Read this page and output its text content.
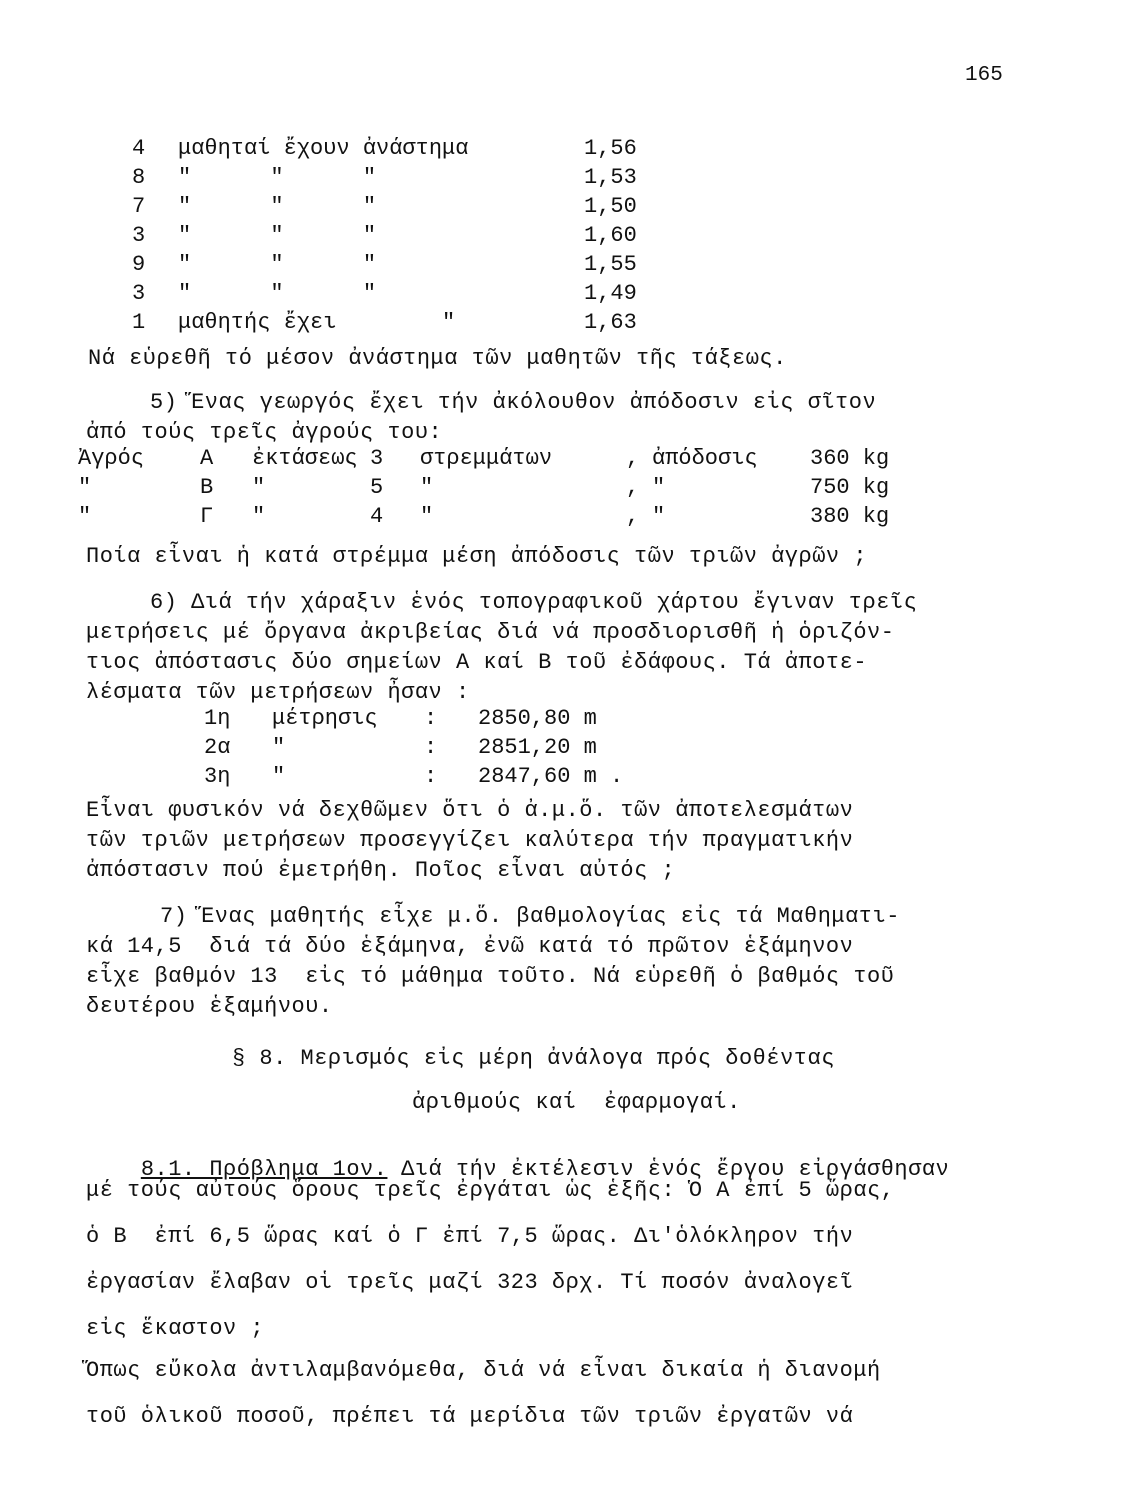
165
4 μαθηταί ἔχουν ἀνάστημα	1,56
8 "      "      "	1,53
7 "      "      "	1,50
3 "      "      "	1,60
9 "      "      "	1,55
3 "      "      "	1,49
1 μαθητής ἔχει        "	1,63
Νά εὑρεθῆ τό μέσον ἀνάστημα τῶν μαθητῶν τῆς τάξεως.
5) Ἕνας γεωργός ἔχει τήν ἀκόλουθον ἀπόδοσιν εἰς σῖτον
ἀπό τούς τρεῖς ἀγρούς του:
Ἀγρός	Α ἐκτάσεως 3 στρεμμάτων	, ἀπόδοσις 360 kg
"	Β "	5 "	, "	750 kg
"	Γ "	4 "	, "	380 kg
Ποία εἶναι ἡ κατά στρέμμα μέση ἀπόδοσις τῶν τριῶν ἀγρῶν ;
6) Διά τήν χάραξιν ἑνός τοπογραφικοῦ χάρτου ἔγιναν τρεῖς
μετρήσεις μέ ὄργανα ἀκριβείας διά νά προσδιορισθῆ ἡ ὁριζόν-
τιος ἀπόστασις δύο σημείων Α καί Β τοῦ ἐδάφους. Τά ἀποτε-
λέσματα τῶν μετρήσεων ἦσαν :
1η μέτρησις : 2850,80 m
2α "	: 2851,20 m
3η "	: 2847,60 m .
Εἶναι φυσικόν νά δεχθῶμεν ὅτι ὁ ἀ.μ.ὅ. τῶν ἀποτελεσμάτων
τῶν τριῶν μετρήσεων προσεγγίζει καλύτερα τήν πραγματικήν
ἀπόστασιν πού ἐμετρήθη. Ποῖος εἶναι αὐτός ;
7) Ἕνας μαθητής εἶχε μ.ὅ. βαθμολογίας εἰς τά Μαθηματι-
κά 14,5  διά τά δύο ἑξάμηνα, ἐνῶ κατά τό πρῶτον ἑξάμηνον
εἶχε βαθμόν 13  εἰς τό μάθημα τοῦτο. Νά εὑρεθῆ ὁ βαθμός τοῦ
δευτέρου ἑξαμήνου.
§ 8. Μερισμός εἰς μέρη ἀνάλογα πρός δοθέντας
ἀριθμούς καί  ἐφαρμογαί.

8.1. Πρόβλημα 1ον. Διά τήν ἐκτέλεσιν ἑνός ἔργου εἰργάσθησαν

μέ τούς αὐτούς ὅρους τρεῖς ἐργάται ὡς ἑξῆς: Ὁ Α ἐπί 5 ὥρας,
ὁ Β  ἐπί 6,5 ὥρας καί ὁ Γ ἐπί 7,5 ὥρας. Δι'ὁλόκληρον τήν
ἐργασίαν ἔλαβαν οἱ τρεῖς μαζί 323 δρχ. Τί ποσόν ἀναλογεῖ
εἰς ἕκαστον ;
Ὅπως εὔκολα ἀντιλαμβανόμεθα, διά νά εἶναι δικαία ἡ διανομή
τοῦ ὁλικοῦ ποσοῦ, πρέπει τά μερίδια τῶν τριῶν ἐργατῶν νά
